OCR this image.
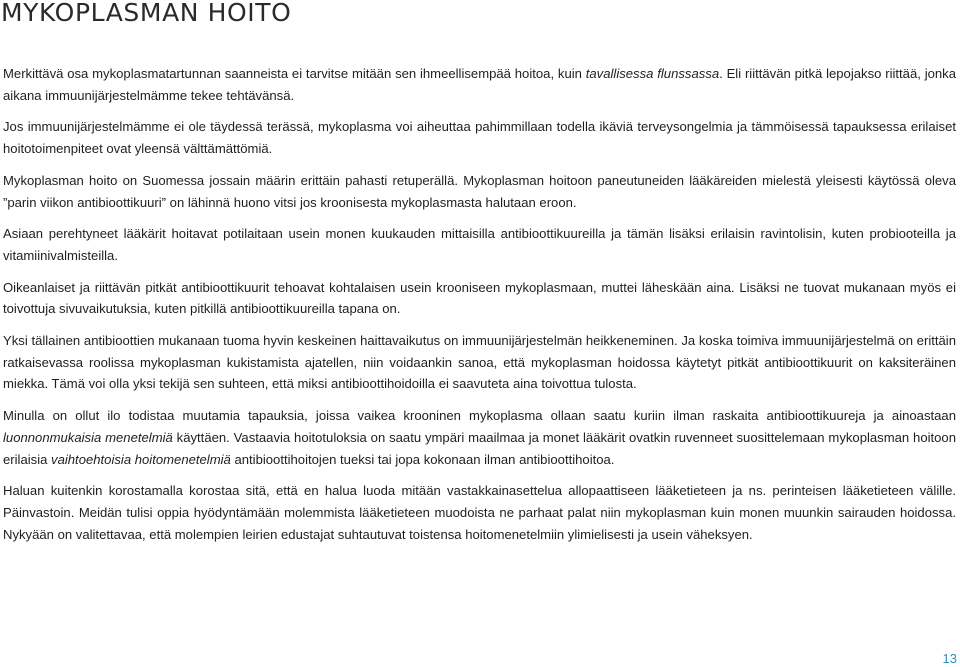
MYKOPLASMAN HOITO

Merkittävä osa mykoplasmatartunnan saanneista ei tarvitse mitään sen ihmeellisempää hoitoa, kuin tavallisessa flunssassa. Eli riittävän pitkä lepojakso riittää, jonka aikana immuunijärjestelmämme tekee tehtävänsä.

Jos immuunijärjestelmämme ei ole täydessä terässä, mykoplasma voi aiheuttaa pahimmillaan todella ikäviä terveysongelmia ja tämmöisessä tapauksessa erilaiset hoitotoimenpiteet ovat yleensä välttämättömiä.

Mykoplasman hoito on Suomessa jossain määrin erittäin pahasti retuperällä. Mykoplasman hoitoon paneutuneiden lääkäreiden mielestä yleisesti käytössä oleva ”parin viikon antibioottikuuri” on lähinnä huono vitsi jos kroonisesta mykoplasmasta halutaan eroon.

Asiaan perehtyneet lääkärit hoitavat potilaitaan usein monen kuukauden mittaisilla antibioottikuureilla ja tämän lisäksi erilaisin ravintolisin, kuten probiooteilla ja vitamiinivalmisteilla.

Oikeanlaiset ja riittävän pitkät antibioottikuurit tehoavat kohtalaisen usein krooniseen mykoplasmaan, muttei läheskään aina. Lisäksi ne tuovat mukanaan myös ei toivottuja sivuvaikutuksia, kuten pitkillä antibioottikuureilla tapana on.

Yksi tällainen antibioottien mukanaan tuoma hyvin keskeinen haittavaikutus on immuunijärjestelmän heikkeneminen. Ja koska toimiva immuunijärjestelmä on erittäin ratkaisevassa roolissa mykoplasman kukistamista ajatellen, niin voidaankin sanoa, että mykoplasman hoidossa käytetyt pitkät antibioottikuurit on kaksiteräinen miekka. Tämä voi olla yksi tekijä sen suhteen, että miksi antibioottihoidoilla ei saavuteta aina toivottua tulosta.

Minulla on ollut ilo todistaa muutamia tapauksia, joissa vaikea krooninen mykoplasma ollaan saatu kuriin ilman raskaita antibioottikuureja ja ainoastaan luonnonmukaisia menetelmiä käyttäen. Vastaavia hoitotuloksia on saatu ympäri maailmaa ja monet lääkärit ovatkin ruvenneet suosittelemaan mykoplasman hoitoon erilaisia vaihtoehtoisia hoitomenetelmiä antibioottihoitojen tueksi tai jopa kokonaan ilman antibioottihoitoa.

Haluan kuitenkin korostamalla korostaa sitä, että en halua luoda mitään vastakkainasettelua allopaattiseen lääketieteen ja ns. perinteisen lääketieteen välille. Päinvastoin. Meidän tulisi oppia hyödyntämään molemmista lääketieteen muodoista ne parhaat palat niin mykoplasman kuin monen muunkin sairauden hoidossa. Nykyään on valitettavaa, että molempien leirien edustajat suhtautuvat toistensa hoitomenetelmiin ylimielisesti ja usein väheksyen.

13
